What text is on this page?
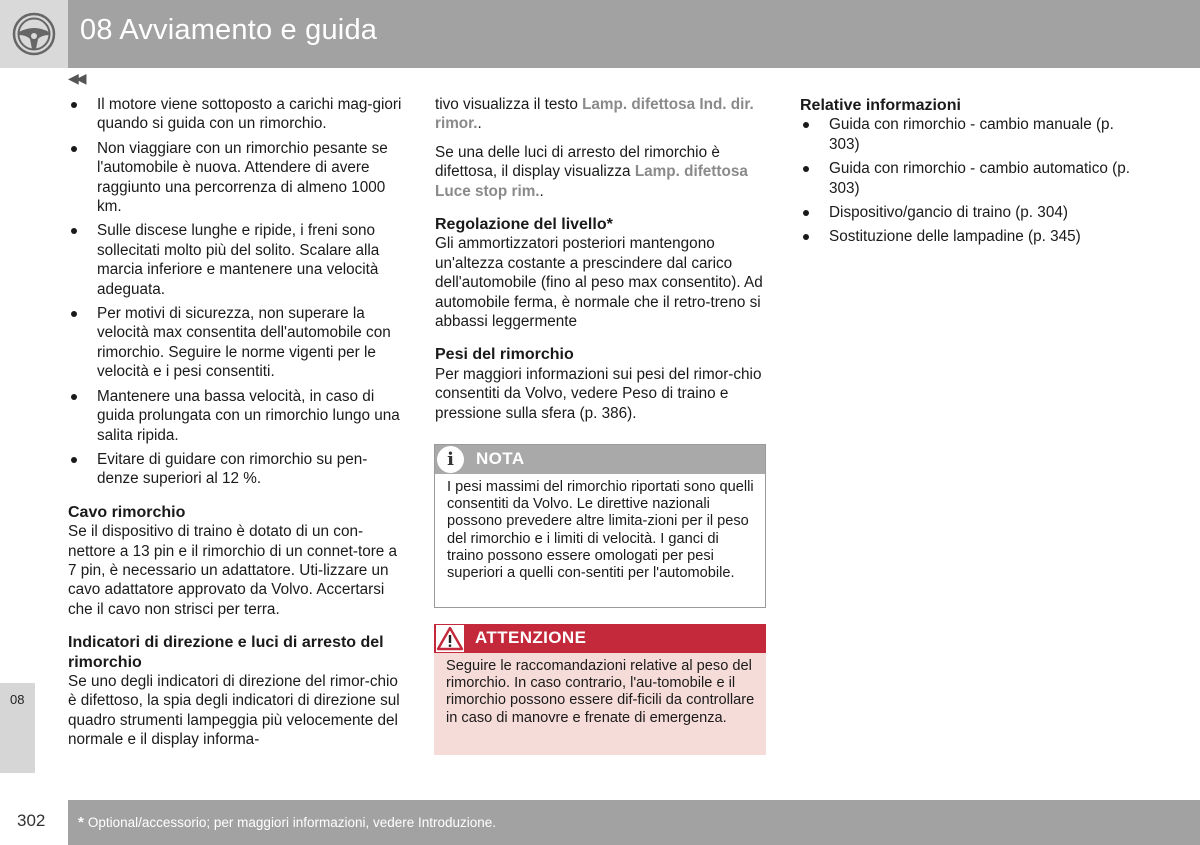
08 Avviamento e guida
08
◀◀
Il motore viene sottoposto a carichi mag-giori quando si guida con un rimorchio.
Non viaggiare con un rimorchio pesante se l'automobile è nuova. Attendere di avere raggiunto una percorrenza di almeno 1000 km.
Sulle discese lunghe e ripide, i freni sono sollecitati molto più del solito. Scalare alla marcia inferiore e mantenere una velocità adeguata.
Per motivi di sicurezza, non superare la velocità max consentita dell'automobile con rimorchio. Seguire le norme vigenti per le velocità e i pesi consentiti.
Mantenere una bassa velocità, in caso di guida prolungata con un rimorchio lungo una salita ripida.
Evitare di guidare con rimorchio su pen-denze superiori al 12 %.
Cavo rimorchio

Se il dispositivo di traino è dotato di un con-nettore a 13 pin e il rimorchio di un connet-tore a 7 pin, è necessario un adattatore. Uti-lizzare un cavo adattatore approvato da Volvo. Accertarsi che il cavo non strisci per terra.

Indicatori di direzione e luci di arresto del rimorchio

Se uno degli indicatori di direzione del rimor-chio è difettoso, la spia degli indicatori di direzione sul quadro strumenti lampeggia più velocemente del normale e il display informa-

tivo visualizza il testo Lamp. difettosa Ind. dir. rimor..

Se una delle luci di arresto del rimorchio è difettosa, il display visualizza Lamp. difettosa Luce stop rim..

Regolazione del livello*

Gli ammortizzatori posteriori mantengono un'altezza costante a prescindere dal carico dell'automobile (fino al peso max consentito). Ad automobile ferma, è normale che il retro-treno si abbassi leggermente

Pesi del rimorchio

Per maggiori informazioni sui pesi del rimor-chio consentiti da Volvo, vedere Peso di traino e pressione sulla sfera (p. 386).

i
NOTA
I pesi massimi del rimorchio riportati sono quelli consentiti da Volvo. Le direttive nazionali possono prevedere altre limita-zioni per il peso del rimorchio e i limiti di velocità. I ganci di traino possono essere omologati per pesi superiori a quelli con-sentiti per l'automobile.
ATTENZIONE
Seguire le raccomandazioni relative al peso del rimorchio. In caso contrario, l'au-tomobile e il rimorchio possono essere dif-ficili da controllare in caso di manovre e frenate di emergenza.
Relative informazioni
Guida con rimorchio - cambio manuale (p. 303)
Guida con rimorchio - cambio automatico (p. 303)
Dispositivo/gancio di traino (p. 304)
Sostituzione delle lampadine (p. 345)
302 * Optional/accessorio; per maggiori informazioni, vedere Introduzione.
